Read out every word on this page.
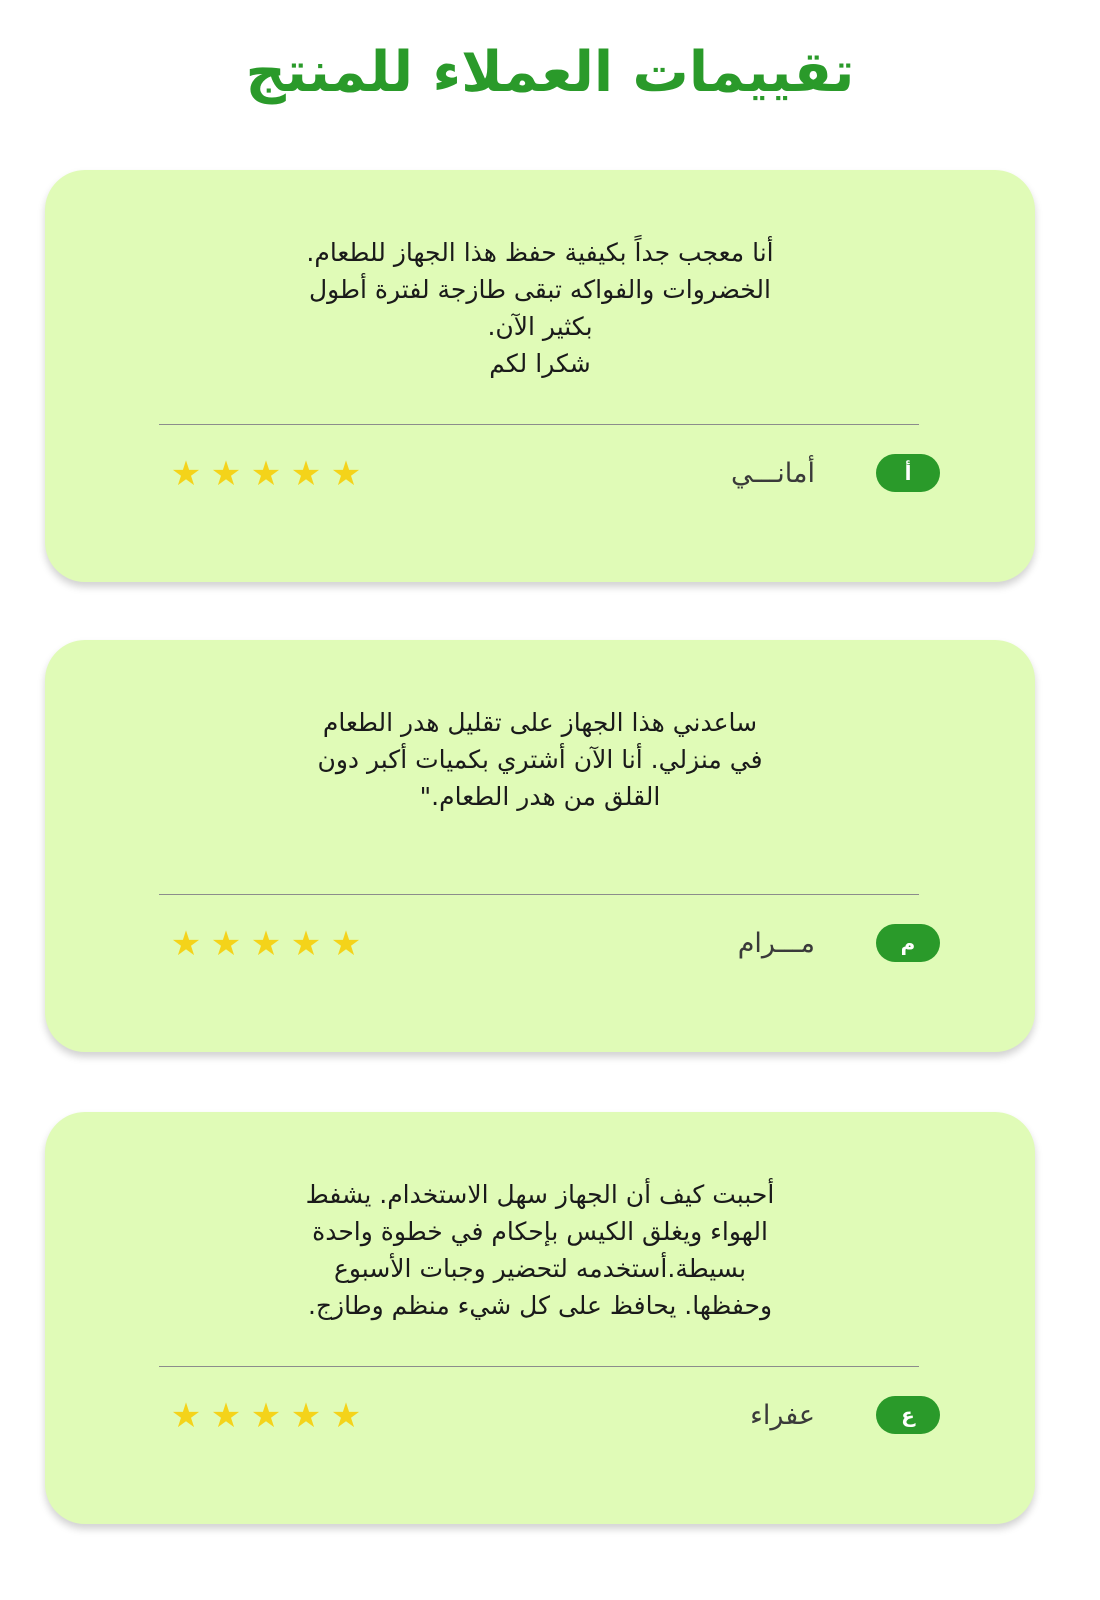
تقييمات العملاء للمنتج

أنا معجب جداً بكيفية حفظ هذا الجهاز للطعام.
الخضروات والفواكه تبقى طازجة لفترة أطول
بكثير الآن.
شكرا لكم

★ ★ ★ ★ ★	أمانـــي	أ

ساعدني هذا الجهاز على تقليل هدر الطعام
في منزلي. أنا الآن أشتري بكميات أكبر دون
القلق من هدر الطعام."

★ ★ ★ ★ ★	مـــرام	م

أحببت كيف أن الجهاز سهل الاستخدام. يشفط
الهواء ويغلق الكيس بإحكام في خطوة واحدة
بسيطة.أستخدمه لتحضير وجبات الأسبوع
وحفظها. يحافظ على كل شيء منظم وطازج.

★ ★ ★ ★ ★	عفراء	ع
